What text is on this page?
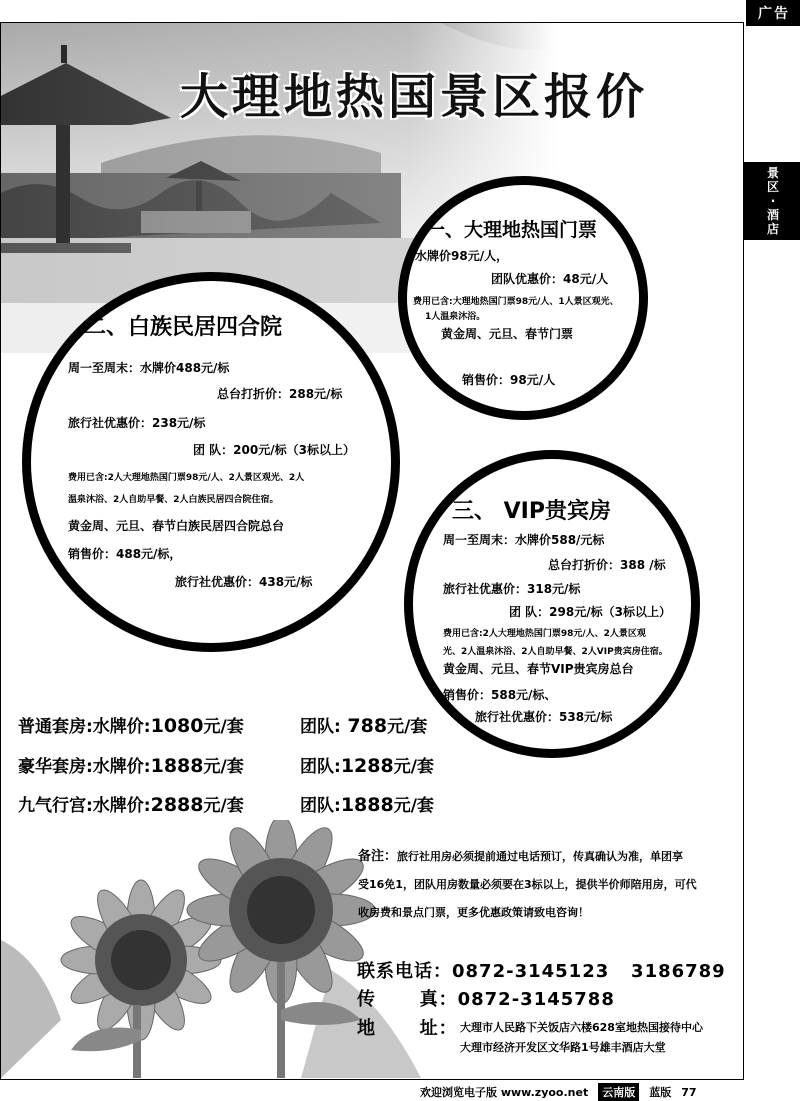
广告
景
区
·
酒
店
大理地热国景区报价
一、大理地热国门票
水牌价98元/人，
团队优惠价：48元/人
费用已含:大理地热国门票98元/人、1人景区观光、
1人温泉沐浴。
黄金周、元旦、春节门票
销售价：98元/人
二、白族民居四合院
周一至周末：水牌价488元/标
总台打折价：288元/标
旅行社优惠价：238元/标
团 队：200元/标（3标以上）
费用已含:2人大理地热国门票98元/人、2人景区观光、2人
温泉沐浴、2人自助早餐、2人白族民居四合院住宿。
黄金周、元旦、春节白族民居四合院总台
销售价：488元/标，
旅行社优惠价：438元/标
三、 VIP贵宾房
周一至周末：水牌价588/元标
总台打折价：388 /标
旅行社优惠价：318元/标
团 队：298元/标（3标以上）
费用已含:2人大理地热国门票98元/人、2人景区观
光、2人温泉沐浴、2人自助早餐、2人VIP贵宾房住宿。
黄金周、元旦、春节VIP贵宾房总台
销售价：588元/标、
旅行社优惠价：538元/标
普通套房:水牌价:1080元/套	团队: 788元/套
豪华套房:水牌价:1888元/套	团队:1288元/套
九气行宫:水牌价:2888元/套	团队:1888元/套
备注：旅行社用房必须提前通过电话预订，传真确认为准，单团享
受16免1，团队用房数量必须要在3标以上，提供半价师陪用房，可代
收房费和景点门票，更多优惠政策请致电咨询！
联系电话：0872-3145123   3186789
传      真：0872-3145788
地      址： 大理市人民路下关饭店六楼628室地热国接待中心
大理市经济开发区文华路1号雄丰酒店大堂
欢迎浏览电子版 www.zyoo.net	云南版	蓝版 77
